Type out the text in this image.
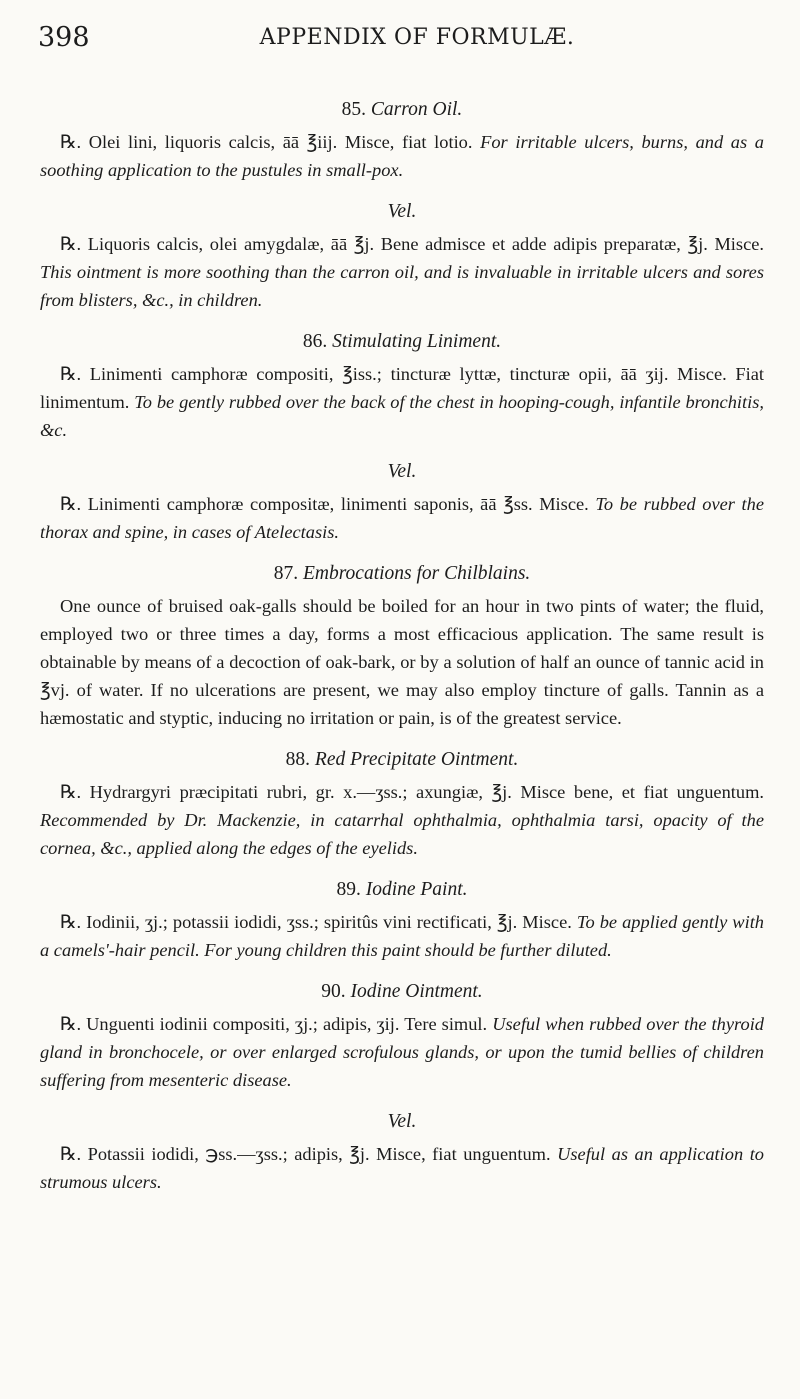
398	APPENDIX OF FORMULÆ.

85. Carron Oil.

℞. Olei lini, liquoris calcis, āā ℥iij. Misce, fiat lotio. For irritable ulcers, burns, and as a soothing application to the pustules in small-pox.

Vel.

℞. Liquoris calcis, olei amygdalæ, āā ℥j. Bene admisce et adde adipis preparatæ, ℥j. Misce. This ointment is more soothing than the carron oil, and is invaluable in irritable ulcers and sores from blisters, &c., in children.

86. Stimulating Liniment.

℞. Linimenti camphoræ compositi, ℥iss.; tincturæ lyttæ, tincturæ opii, āā ʒij. Misce. Fiat linimentum. To be gently rubbed over the back of the chest in hooping-cough, infantile bronchitis, &c.

Vel.

℞. Linimenti camphoræ compositæ, linimenti saponis, āā ℥ss. Misce. To be rubbed over the thorax and spine, in cases of Atelectasis.

87. Embrocations for Chilblains.

One ounce of bruised oak-galls should be boiled for an hour in two pints of water; the fluid, employed two or three times a day, forms a most efficacious application. The same result is obtainable by means of a decoction of oak-bark, or by a solution of half an ounce of tannic acid in ℥vj. of water. If no ulcerations are present, we may also employ tincture of galls. Tannin as a hæmostatic and styptic, inducing no irritation or pain, is of the greatest service.

88. Red Precipitate Ointment.

℞. Hydrargyri præcipitati rubri, gr. x.—ʒss.; axungiæ, ℥j. Misce bene, et fiat unguentum. Recommended by Dr. Mackenzie, in catarrhal ophthalmia, ophthalmia tarsi, opacity of the cornea, &c., applied along the edges of the eyelids.

89. Iodine Paint.

℞. Iodinii, ʒj.; potassii iodidi, ʒss.; spiritûs vini rectificati, ℥j. Misce. To be applied gently with a camels'-hair pencil. For young children this paint should be further diluted.

90. Iodine Ointment.

℞. Unguenti iodinii compositi, ʒj.; adipis, ʒij. Tere simul. Useful when rubbed over the thyroid gland in bronchocele, or over enlarged scrofulous glands, or upon the tumid bellies of children suffering from mesenteric disease.

Vel.

℞. Potassii iodidi, ℈ss.—ʒss.; adipis, ℥j. Misce, fiat unguentum. Useful as an application to strumous ulcers.
